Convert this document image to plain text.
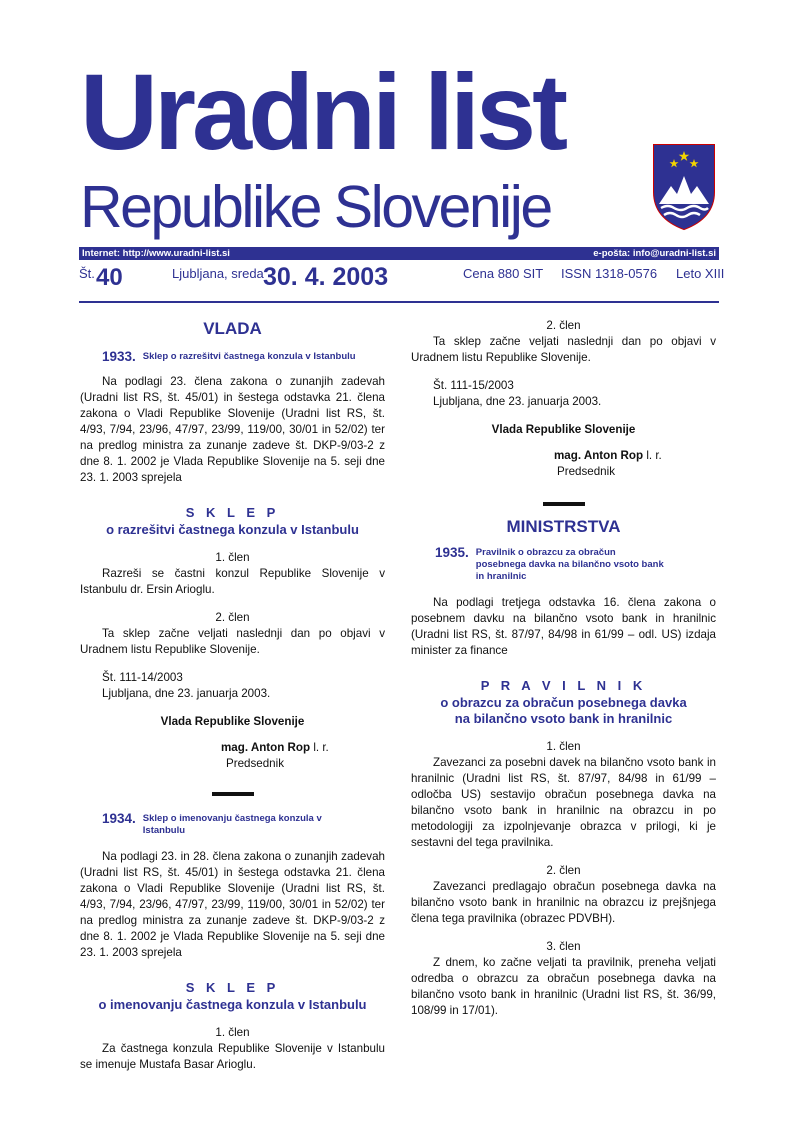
Uradni list
Republike Slovenije
Internet: http://www.uradni-list.si	e-pošta: info@uradni-list.si
Št. 40	Ljubljana, sreda 30. 4. 2003	Cena 880 SIT ISSN 1318-0576 Leto XIII

VLADA

1933. Sklep o razrešitvi častnega konzula v Istanbulu

Na podlagi 23. člena zakona o zunanjih zadevah (Uradni list RS, št. 45/01) in šestega odstavka 21. člena zakona o Vladi Republike Slovenije (Uradni list RS, št. 4/93, 7/94, 23/96, 47/97, 23/99, 119/00, 30/01 in 52/02) ter na predlog ministra za zunanje zadeve št. DKP-9/03-2 z dne 8. 1. 2002 je Vlada Republike Slovenije na 5. seji dne 23. 1. 2003 sprejela

S K L E P

o razrešitvi častnega konzula v Istanbulu

1. člen

Razreši se častni konzul Republike Slovenije v Istanbulu dr. Ersin Arioglu.

2. člen

Ta sklep začne veljati naslednji dan po objavi v Uradnem listu Republike Slovenije.

Št. 111-14/2003

Ljubljana, dne 23. januarja 2003.

Vlada Republike Slovenije

mag. Anton Rop l. r.

Predsednik

1934. Sklep o imenovanju častnega konzula v Istanbulu

Na podlagi 23. in 28. člena zakona o zunanjih zadevah (Uradni list RS, št. 45/01) in šestega odstavka 21. člena zakona o Vladi Republike Slovenije (Uradni list RS, št. 4/93, 7/94, 23/96, 47/97, 23/99, 119/00, 30/01 in 52/02) ter na predlog ministra za zunanje zadeve št. DKP-9/03-2 z dne 8. 1. 2002 je Vlada Republike Slovenije na 5. seji dne 23. 1. 2003 sprejela

S K L E P

o imenovanju častnega konzula v Istanbulu

1. člen

Za častnega konzula Republike Slovenije v Istanbulu se imenuje Mustafa Basar Arioglu.

2. člen

Ta sklep začne veljati naslednji dan po objavi v Uradnem listu Republike Slovenije.

Št. 111-15/2003

Ljubljana, dne 23. januarja 2003.

Vlada Republike Slovenije

mag. Anton Rop l. r.

Predsednik

MINISTRSTVA

1935. Pravilnik o obrazcu za obračun posebnega davka na bilančno vsoto bank in hranilnic

Na podlagi tretjega odstavka 16. člena zakona o posebnem davku na bilančno vsoto bank in hranilnic (Uradni list RS, št. 87/97, 84/98 in 61/99 – odl. US) izdaja minister za finance

P R A V I L N I K

o obrazcu za obračun posebnega davka

na bilančno vsoto bank in hranilnic

1. člen

Zavezanci za posebni davek na bilančno vsoto bank in hranilnic (Uradni list RS, št. 87/97, 84/98 in 61/99 – odločba US) sestavijo obračun posebnega davka na bilančno vsoto bank in hranilnic na obrazcu in po metodologiji za izpolnjevanje obrazca v prilogi, ki je sestavni del tega pravilnika.

2. člen

Zavezanci predlagajo obračun posebnega davka na bilančno vsoto bank in hranilnic na obrazcu iz prejšnjega člena tega pravilnika (obrazec PDVBH).

3. člen

Z dnem, ko začne veljati ta pravilnik, preneha veljati odredba o obrazcu za obračun posebnega davka na bilančno vsoto bank in hranilnic (Uradni list RS, št. 36/99, 108/99 in 17/01).
